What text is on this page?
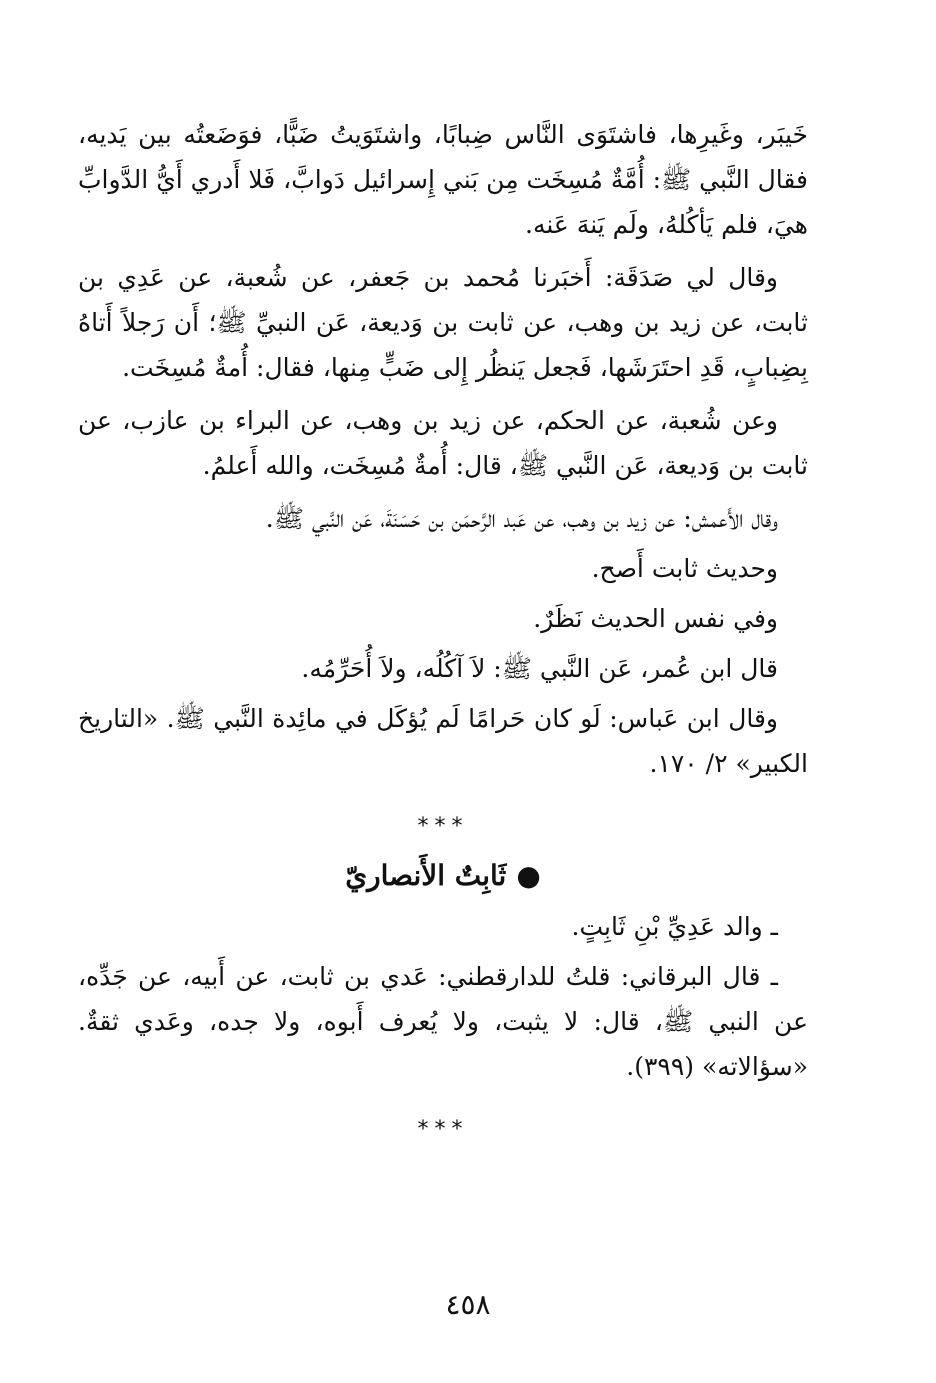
خَيبَر، وغَيرِها، فاشتَوَى النَّاس ضِبابًا، واشتَوَيتُ ضَبًّا، فوَضَعتُه بين يَديه، فقال النَّبي ﷺ: أُمَّةٌ مُسِخَت مِن بَني إِسرائيل دَوابَّ، فَلا أَدري أَيُّ الدَّوابِّ هيَ، فلم يَأكُلهُ، ولَم يَنهَ عَنه.

وقال لي صَدَقَة: أَخبَرنا مُحمد بن جَعفر، عن شُعبة، عن عَدِي بن ثابت، عن زيد بن وهب، عن ثابت بن وَديعة، عَن النبيِّ ﷺ؛ أَن رَجلاً أَتاهُ بِضِبابٍ، قَدِ احتَرَشَها، فَجعل يَنظُر إِلى ضَبٍّ مِنها، فقال: أُمةٌ مُسِخَت.

وعن شُعبة، عن الحكم، عن زيد بن وهب، عن البراء بن عازب، عن ثابت بن وَديعة، عَن النَّبي ﷺ، قال: أُمةٌ مُسِخَت، والله أَعلمُ.

وقال الأَعمش: عن زيد بن وهب، عن عَبد الرَّحمَن بن حَسَنَةَ، عَن النَّبي ﷺ.

وحديث ثابت أَصح.

وفي نفس الحديث نَظَرٌ.

قال ابن عُمر، عَن النَّبي ﷺ: لاَ آكُلُه، ولاَ أُحَرِّمُه.

وقال ابن عَباس: لَو كان حَرامًا لَم يُؤكَل في مائِدة النَّبي ﷺ. «التاريخ الكبير» ٢/ ١٧٠.

***
●ثَابِتٌ الأَنصاريّ

ـ والد عَدِيِّ بْنِ ثَابِتٍ.

ـ قال البرقاني: قلتُ للدارقطني: عَدي بن ثابت، عن أَبيه، عن جَدِّه، عن النبي ﷺ، قال: لا يثبت، ولا يُعرف أَبوه، ولا جده، وعَدي ثقةٌ. «سؤالاته» (٣٩٩).

***
٤٥٨
